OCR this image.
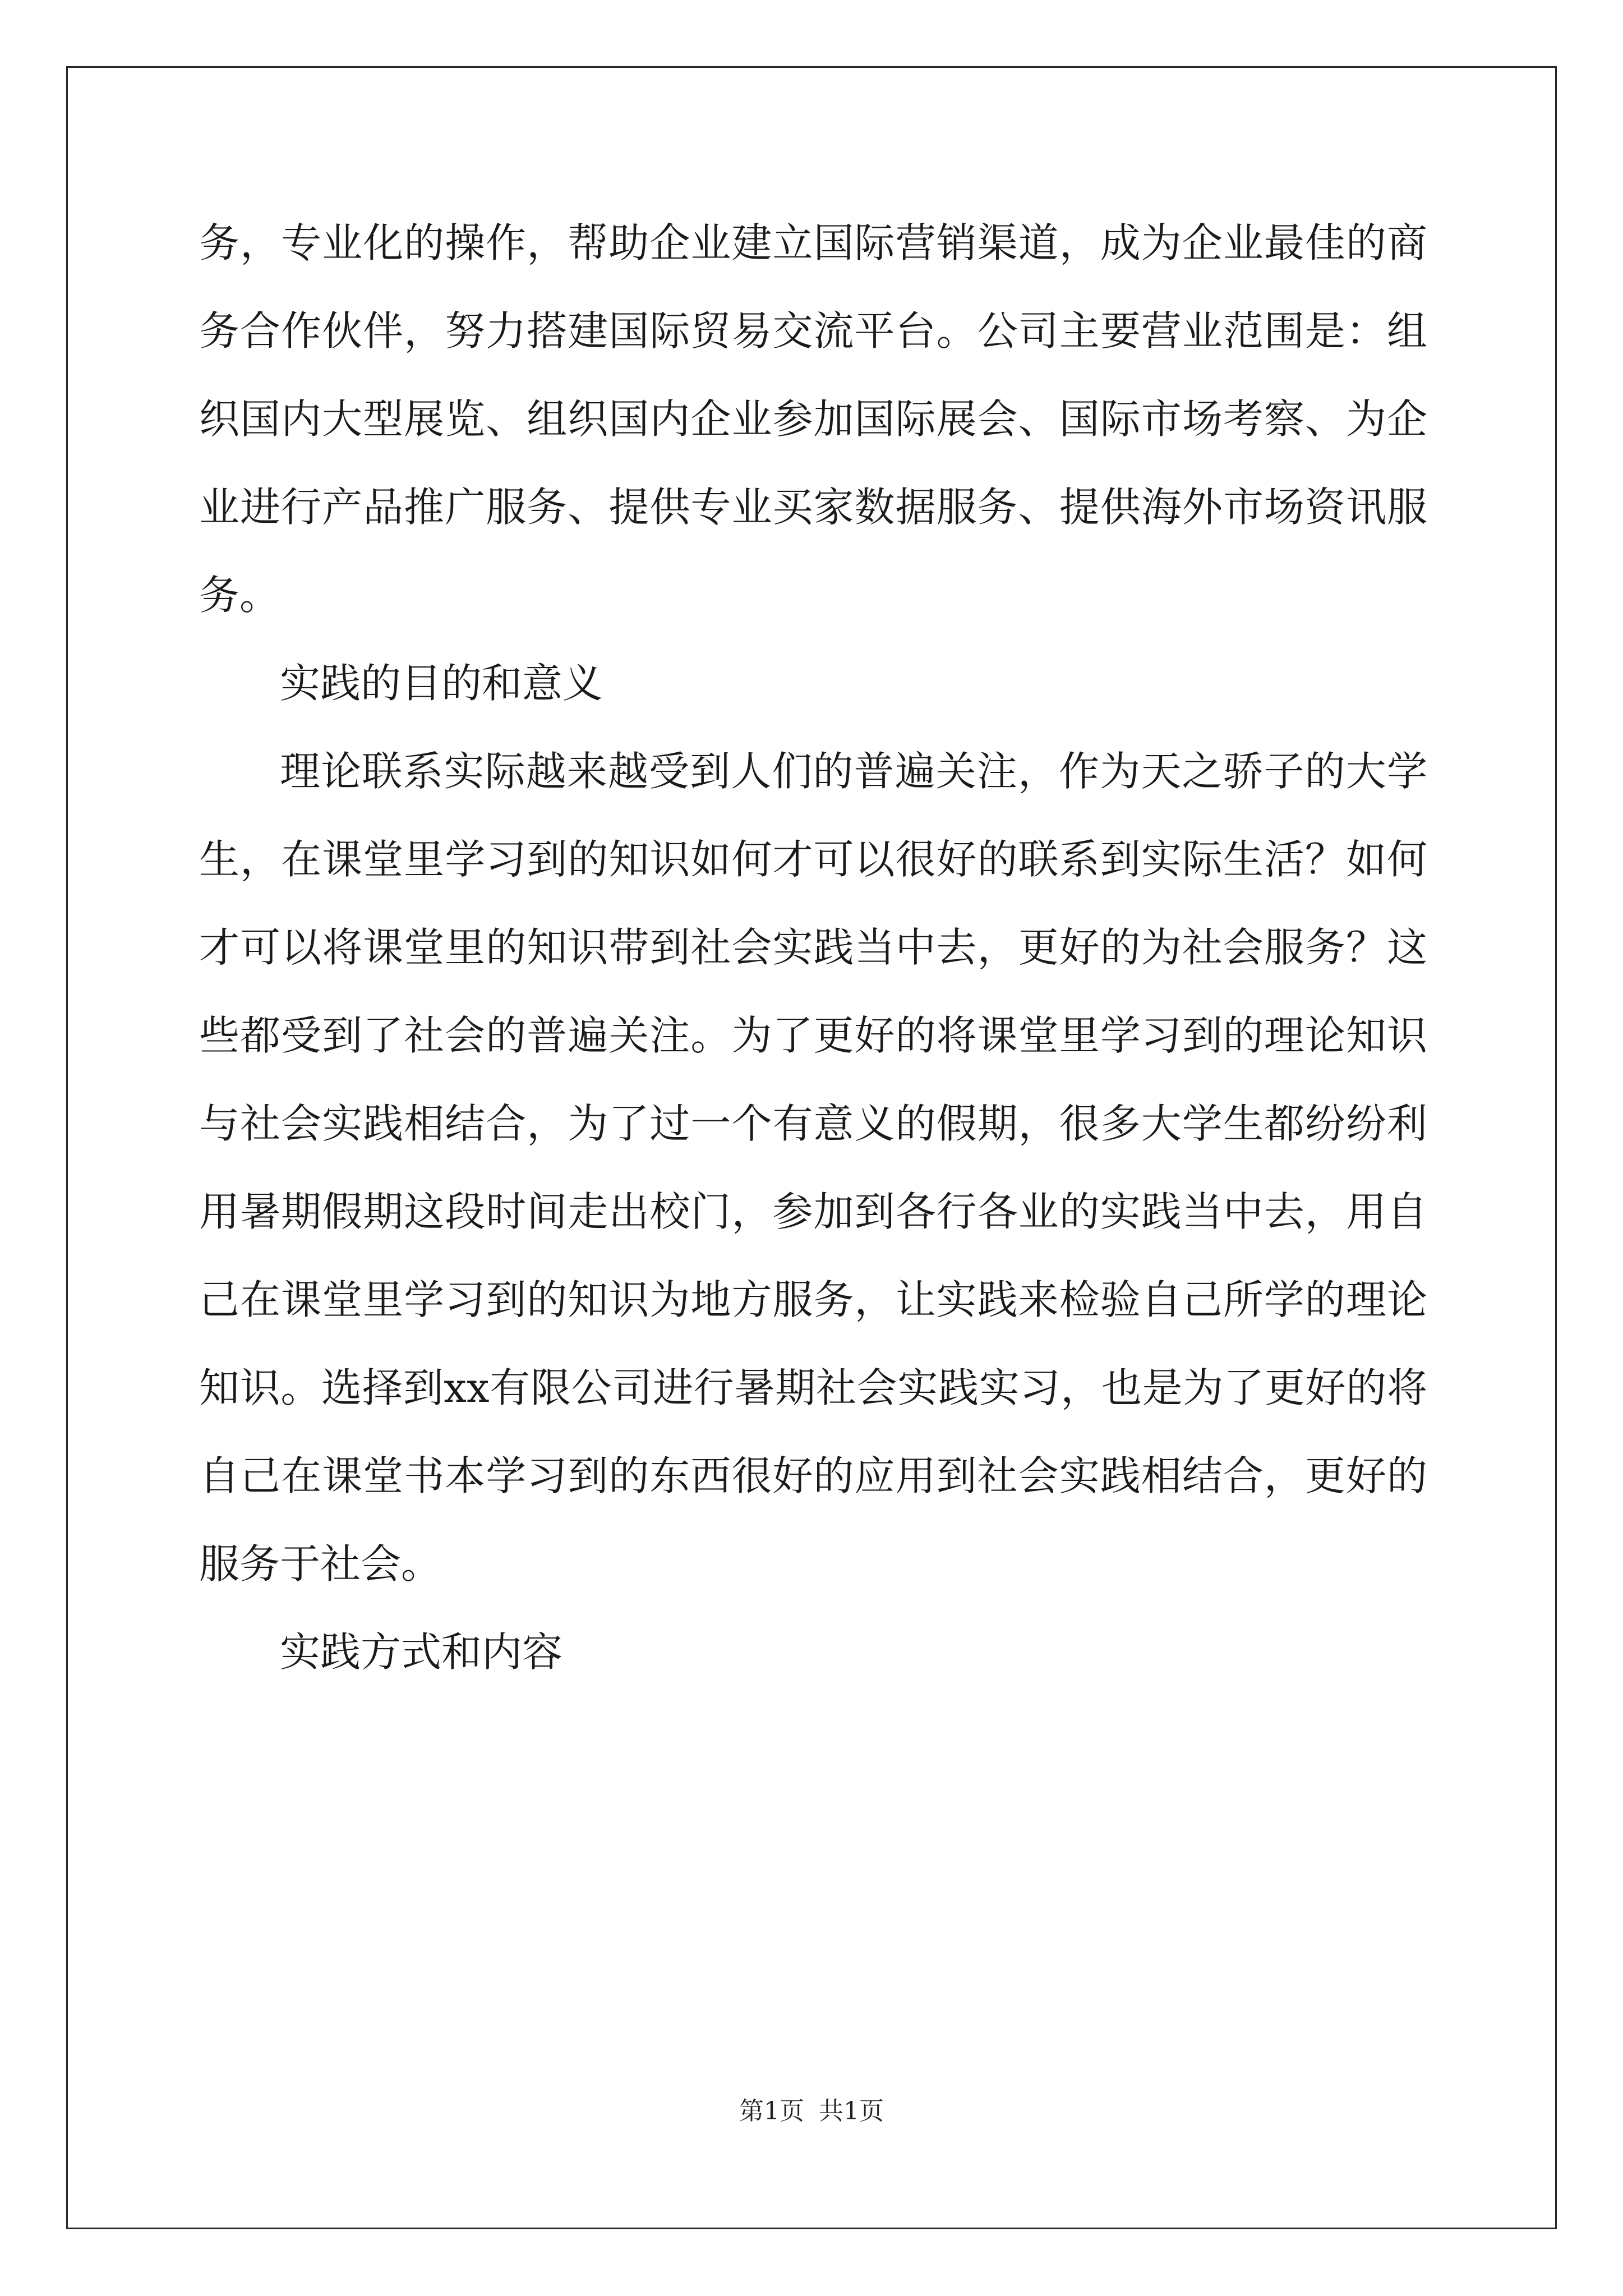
务，专业化的操作，帮助企业建立国际营销渠道，成为企业最佳的商务合作伙伴，努力搭建国际贸易交流平台。公司主要营业范围是：组织国内大型展览、组织国内企业参加国际展会、国际市场考察、为企业进行产品推广服务、提供专业买家数据服务、提供海外市场资讯服务。

实践的目的和意义

理论联系实际越来越受到人们的普遍关注，作为天之骄子的大学生，在课堂里学习到的知识如何才可以很好的联系到实际生活？如何才可以将课堂里的知识带到社会实践当中去，更好的为社会服务？这些都受到了社会的普遍关注。为了更好的将课堂里学习到的理论知识与社会实践相结合，为了过一个有意义的假期，很多大学生都纷纷利用暑期假期这段时间走出校门，参加到各行各业的实践当中去，用自己在课堂里学习到的知识为地方服务，让实践来检验自己所学的理论知识。选择到xx有限公司进行暑期社会实践实习，也是为了更好的将自己在课堂书本学习到的东西很好的应用到社会实践相结合，更好的服务于社会。

实践方式和内容

第1页 共1页
